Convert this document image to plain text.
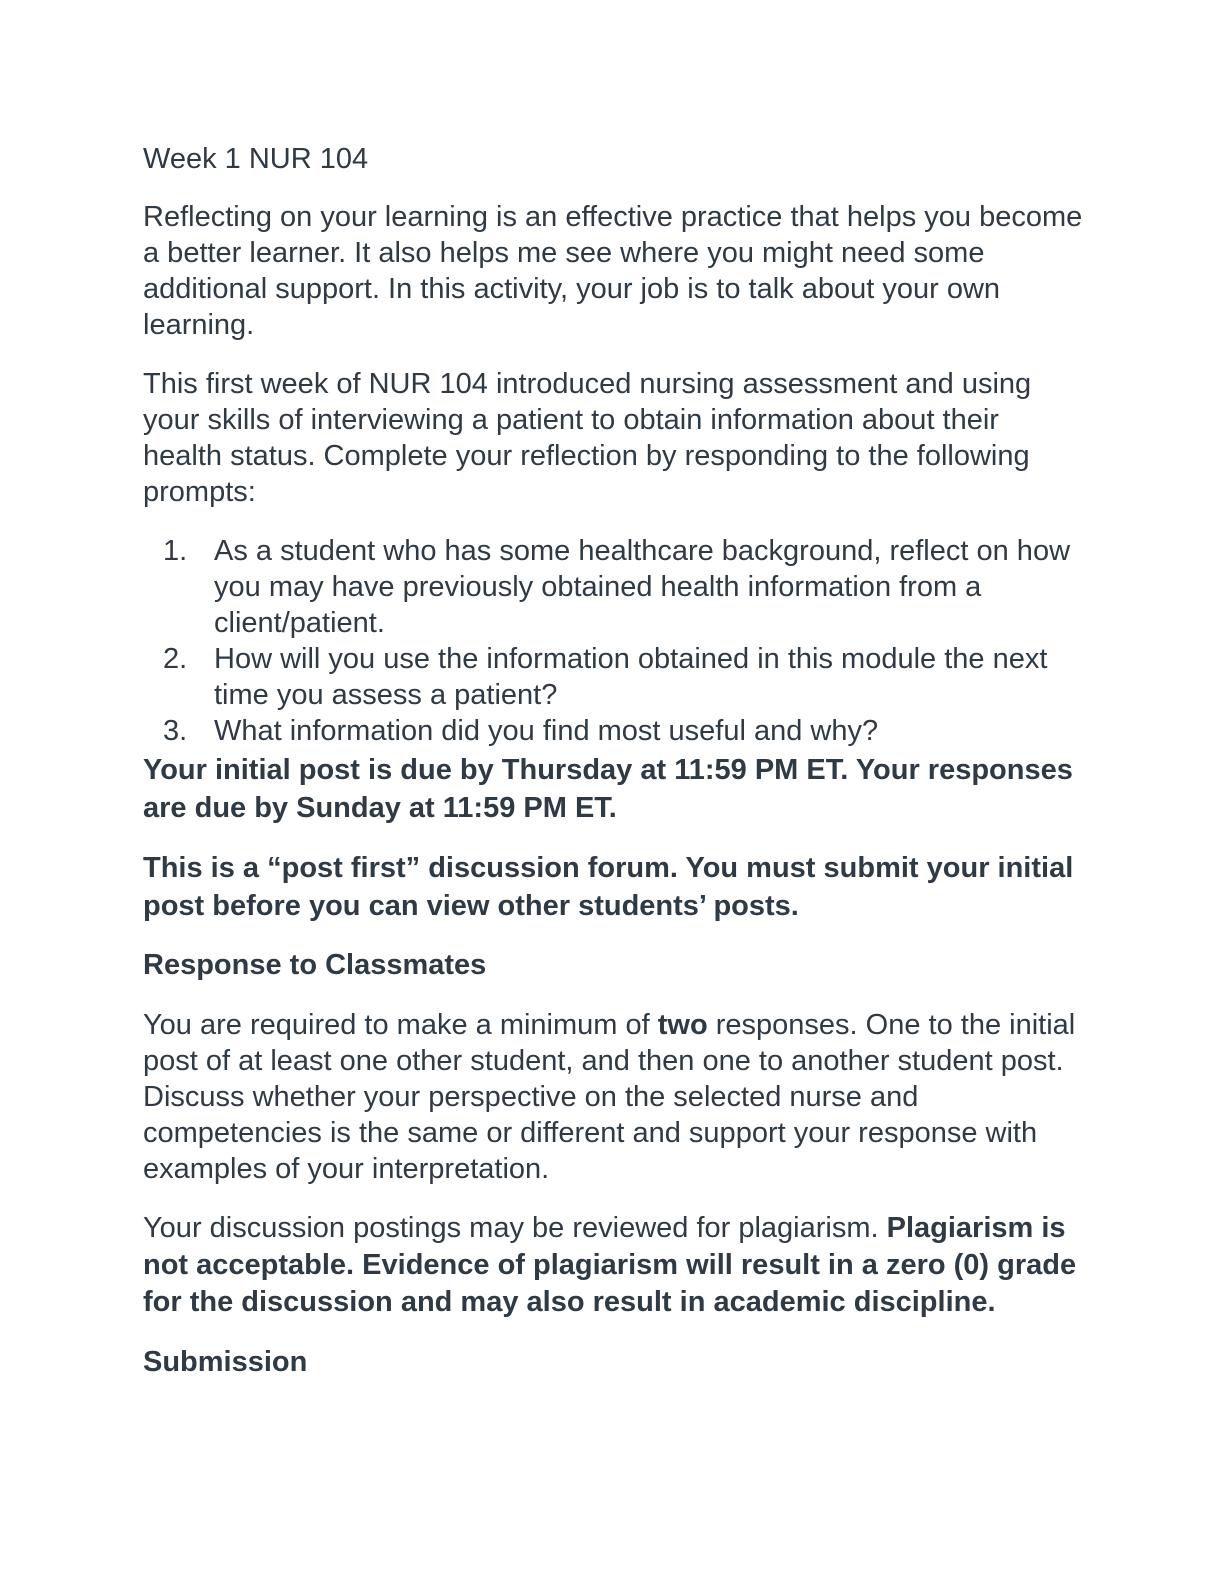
Week 1 NUR 104

Reflecting on your learning is an effective practice that helps you become a better learner. It also helps me see where you might need some additional support. In this activity, your job is to talk about your own learning.

This first week of NUR 104 introduced nursing assessment and using your skills of interviewing a patient to obtain information about their health status. Complete your reflection by responding to the following prompts:

1. As a student who has some healthcare background, reflect on how you may have previously obtained health information from a client/patient.
2. How will you use the information obtained in this module the next time you assess a patient?
3. What information did you find most useful and why?

Your initial post is due by Thursday at 11:59 PM ET. Your responses are due by Sunday at 11:59 PM ET.

This is a “post first” discussion forum. You must submit your initial post before you can view other students’ posts.

Response to Classmates

You are required to make a minimum of two responses. One to the initial post of at least one other student, and then one to another student post. Discuss whether your perspective on the selected nurse and competencies is the same or different and support your response with examples of your interpretation.

Your discussion postings may be reviewed for plagiarism. Plagiarism is not acceptable. Evidence of plagiarism will result in a zero (0) grade for the discussion and may also result in academic discipline.

Submission
